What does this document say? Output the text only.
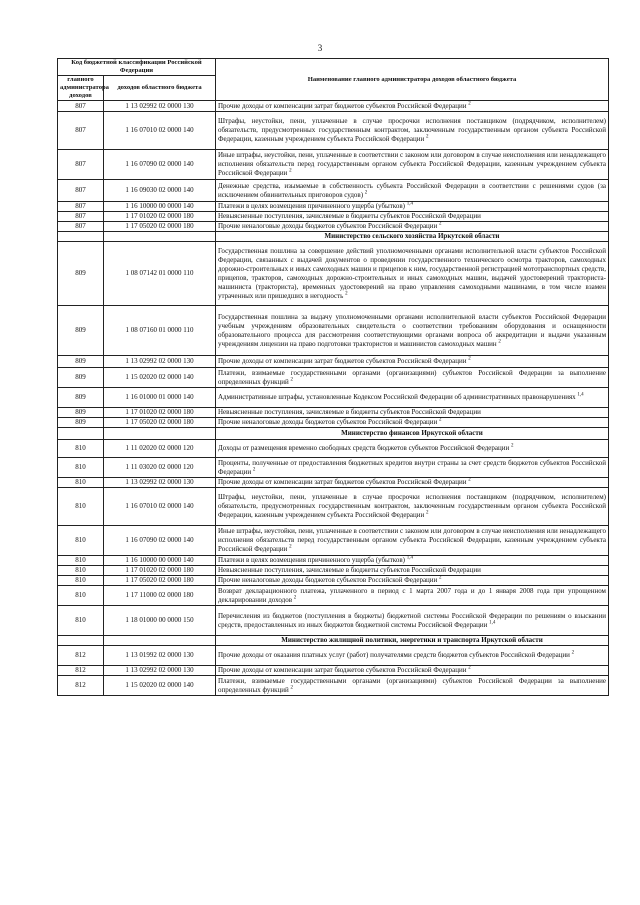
3
Код бюджетной классификации Российской Федерации		Наименование главного администратора доходов областного бюджета
главного администратора доходов	доходов областного бюджета	
807	1 13 02992 02 0000 130	Прочие доходы от компенсации затрат бюджетов субъектов Российской Федерации $^2$
807	1 16 07010 02 0000 140	Штрафы, неустойки, пени, уплаченные в случае просрочки исполнения поставщиком (подрядчиком, исполнителем) обязательств, предусмотренных государственным контрактом, заключенным государственным органом субъекта Российской Федерации, казенным учреждением субъекта Российской Федерации $^2$
807	1 16 07090 02 0000 140	Иные штрафы, неустойки, пени, уплаченные в соответствии с законом или договором в случае неисполнения или ненадлежащего исполнения обязательств перед государственным органом субъекта Российской Федерации, казенным учреждением субъекта Российской Федерации $^2$
807	1 16 09030 02 0000 140	Денежные средства, изымаемые в собственность субъекта Российской Федерации в соответствии с решениями судов (за исключением обвинительных приговоров судов) $^2$
807	1 16 10000 00 0000 140	Платежи в целях возмещения причиненного ущерба (убытков) $^{1,4}$
807	1 17 01020 02 0000 180	Невыясненные поступления, зачисляемые в бюджеты субъектов Российской Федерации
807	1 17 05020 02 0000 180	Прочие неналоговые доходы бюджетов субъектов Российской Федерации $^2$
		Министерство сельского хозяйства Иркутской области
809	1 08 07142 01 0000 110	Государственная пошлина за совершение действий уполномоченными органами исполнительной власти субъектов Российской Федерации, связанных с выдачей документов о проведении государственного технического осмотра тракторов, самоходных дорожно-строительных и иных самоходных машин и прицепов к ним, государственной регистрацией мототранспортных средств, прицепов, тракторов, самоходных дорожно-строительных и иных самоходных машин, выдачей удостоверений тракториста-машиниста (тракториста), временных удостоверений на право управления самоходными машинами, в том числе взамен утраченных или пришедших в негодность $^2$
809	1 08 07160 01 0000 110	Государственная пошлина за выдачу уполномоченными органами исполнительной власти субъектов Российской Федерации учебным учреждениям образовательных свидетельств о соответствии требованиям оборудования и оснащенности образовательного процесса для рассмотрения соответствующими органами вопроса об аккредитации и выдачи указанным учреждениям лицензии на право подготовки трактористов и машинистов самоходных машин $^2$
809	1 13 02992 02 0000 130	Прочие доходы от компенсации затрат бюджетов субъектов Российской Федерации $^2$
809	1 15 02020 02 0000 140	Платежи, взимаемые государственными органами (организациями) субъектов Российской Федерации за выполнение определенных функций $^2$
809	1 16 01000 01 0000 140	Административные штрафы, установленные Кодексом Российской Федерации об административных правонарушениях $^{1,4}$
809	1 17 01020 02 0000 180	Невыясненные поступления, зачисляемые в бюджеты субъектов Российской Федерации
809	1 17 05020 02 0000 180	Прочие неналоговые доходы бюджетов субъектов Российской Федерации $^2$
		Министерство финансов Иркутской области
810	1 11 02020 02 0000 120	Доходы от размещения временно свободных средств бюджетов субъектов Российской Федерации $^2$
810	1 11 03020 02 0000 120	Проценты, полученные от предоставления бюджетных кредитов внутри страны за счет средств бюджетов субъектов Российской Федерации $^2$
810	1 13 02992 02 0000 130	Прочие доходы от компенсации затрат бюджетов субъектов Российской Федерации $^2$
810	1 16 07010 02 0000 140	Штрафы, неустойки, пени, уплаченные в случае просрочки исполнения поставщиком (подрядчиком, исполнителем) обязательств, предусмотренных государственным контрактом, заключенным государственным органом субъекта Российской Федерации, казенным учреждением субъекта Российской Федерации $^2$
810	1 16 07090 02 0000 140	Иные штрафы, неустойки, пени, уплаченные в соответствии с законом или договором в случае неисполнения или ненадлежащего исполнения обязательств перед государственным органом субъекта Российской Федерации, казенным учреждением субъекта Российской Федерации $^2$
810	1 16 10000 00 0000 140	Платежи в целях возмещения причиненного ущерба (убытков) $^{1,4}$
810	1 17 01020 02 0000 180	Невыясненные поступления, зачисляемые в бюджеты субъектов Российской Федерации
810	1 17 05020 02 0000 180	Прочие неналоговые доходы бюджетов субъектов Российской Федерации $^2$
810	1 17 11000 02 0000 180	Возврат декларационного платежа, уплаченного в период с 1 марта 2007 года и до 1 января 2008 года при упрощенном декларировании доходов $^2$
810	1 18 01000 00 0000 150	Перечисления из бюджетов (поступления в бюджеты) бюджетной системы Российской Федерации по решениям о взыскании средств, предоставленных из иных бюджетов бюджетной системы Российской Федерации $^{1,4}$
		Министерство жилищной политики, энергетики и транспорта Иркутской области
812	1 13 01992 02 0000 130	Прочие доходы от оказания платных услуг (работ) получателями средств бюджетов субъектов Российской Федерации $^2$
812	1 13 02992 02 0000 130	Прочие доходы от компенсации затрат бюджетов субъектов Российской Федерации $^2$
812	1 15 02020 02 0000 140	Платежи, взимаемые государственными органами (организациями) субъектов Российской Федерации за выполнение определенных функций $^2$
